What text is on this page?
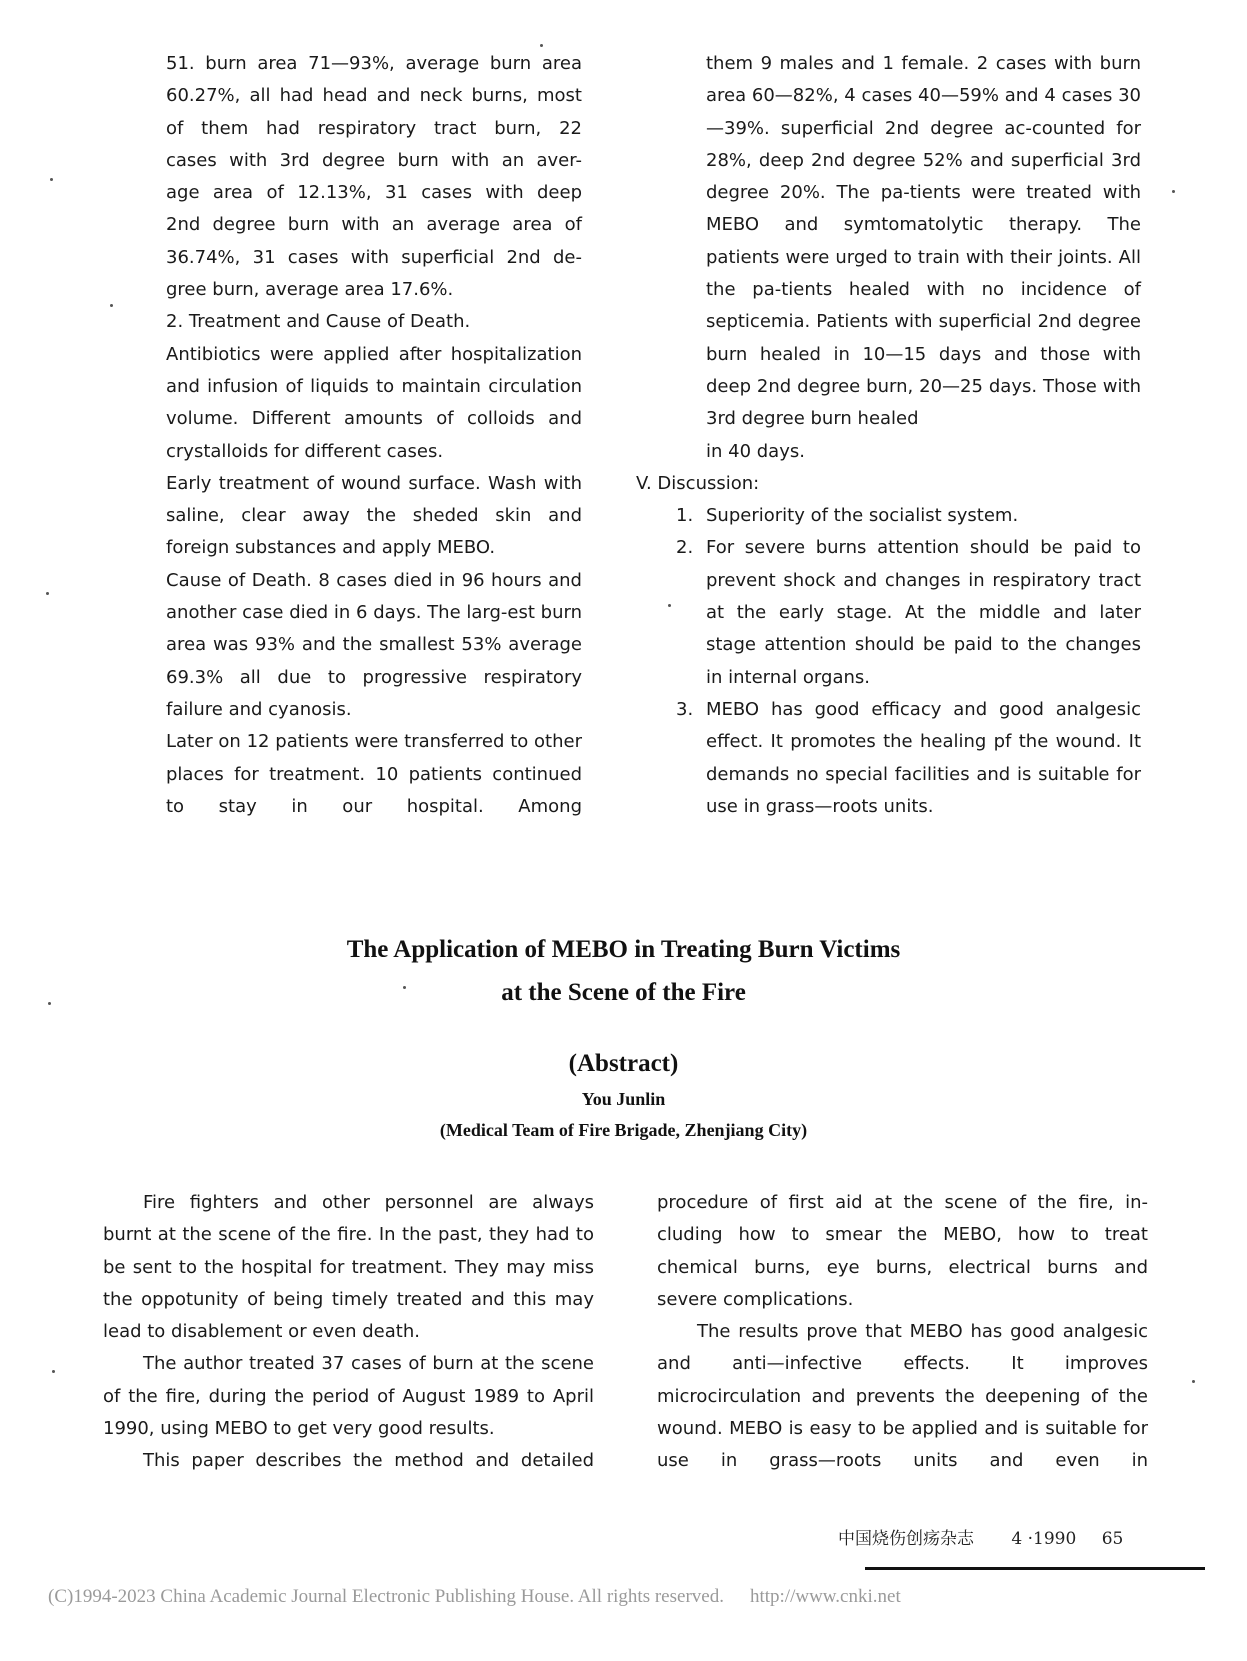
51. burn area 71—93%, average burn area

60.27%, all had head and neck burns, most

of them had respiratory tract burn, 22

cases with 3rd degree burn with an aver-

age area of 12.13%, 31 cases with deep

2nd degree burn with an average area of

36.74%, 31 cases with superficial 2nd de-

gree burn, average area 17.6%.

2. Treatment and Cause of Death.

Antibiotics were applied after hospitalization and infusion of liquids to maintain circulation volume. Different amounts of colloids and crystalloids for different cases.

Early treatment of wound surface. Wash with saline, clear away the sheded skin and foreign substances and apply MEBO.

Cause of Death. 8 cases died in 96 hours and another case died in 6 days. The larg-est burn area was 93% and the smallest 53% average 69.3% all due to progressive respiratory failure and cyanosis.

Later on 12 patients were transferred to other places for treatment. 10 patients continued to stay in our hospital. Among

them 9 males and 1 female. 2 cases with burn area 60—82%, 4 cases 40—59% and 4 cases 30—39%. superficial 2nd degree ac-counted for 28%, deep 2nd degree 52% and superficial 3rd degree 20%. The pa-tients were treated with MEBO and symtomatolytic therapy. The patients were urged to train with their joints. All the pa-tients healed with no incidence of septicemia. Patients with superficial 2nd degree burn healed in 10—15 days and those with deep 2nd degree burn, 20—25 days. Those with 3rd degree burn healed

in 40 days.

V. Discussion:

1. Superiority of the socialist system.

2. For severe burns attention should be paid to prevent shock and changes in respiratory tract at the early stage. At the middle and later stage attention should be paid to the changes in internal organs.

3. MEBO has good efficacy and good analgesic effect. It promotes the healing pf the wound. It demands no special facilities and is suitable for use in grass—roots units.

The Application of MEBO in Treating Burn Victims
at the Scene of the Fire
(Abstract)
You Junlin
(Medical Team of Fire Brigade, Zhenjiang City)

Fire fighters and other personnel are always burnt at the scene of the fire. In the past, they had to be sent to the hospital for treatment. They may miss the oppotunity of being timely treated and this may lead to disablement or even death.

The author treated 37 cases of burn at the scene of the fire, during the period of August 1989 to April 1990, using MEBO to get very good results.

This paper describes the method and detailed

procedure of first aid at the scene of the fire, in-cluding how to smear the MEBO, how to treat chemical burns, eye burns, electrical burns and severe complications.

The results prove that MEBO has good analgesic and anti—infective effects. It improves microcirculation and prevents the deepening of the wound. MEBO is easy to be applied and is suitable for use in grass—roots units and even in

中国烧伤创疡杂志 4 ·1990 65
(C)1994-2023 China Academic Journal Electronic Publishing House. All rights reserved. http://www.cnki.net
